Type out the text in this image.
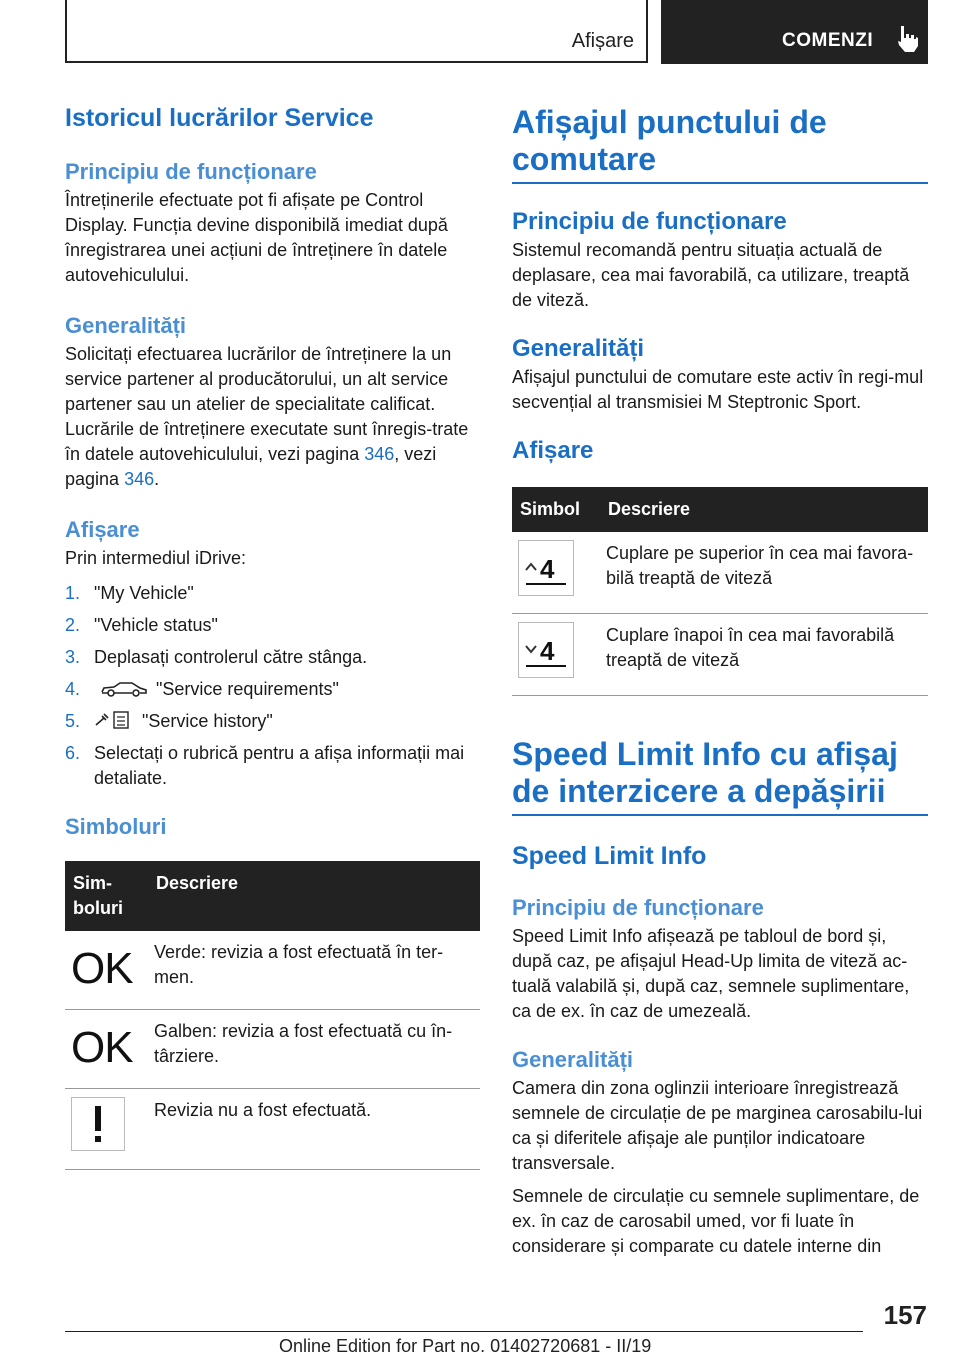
Afișare	COMENZI
Istoricul lucrărilor Service
Principiu de funcționare

Întreținerile efectuate pot fi afișate pe Control Display. Funcția devine disponibilă imediat după înregistrarea unei acțiuni de întreținere în datele autovehiculului.

Generalități

Solicitați efectuarea lucrărilor de întreținere la un service partener al producătorului, un alt service partener sau un atelier de specialitate calificat. Lucrările de întreținere executate sunt înregis‐trate în datele autovehiculului, vezi pagina 346, vezi pagina 346.

Afișare

Prin intermediul iDrive:

1. "My Vehicle"
2. "Vehicle status"
3. Deplasați controlerul către stânga.
4.	"Service requirements"
5.	"Service history"
6. Selectați o rubrică pentru a afișa informații mai detaliate.
Simboluri
Sim‐
boluri	Descriere
OK	Verde: revizia a fost efectuată în ter‐men.
OK	Galben: revizia a fost efectuată cu în‐târziere.

	Revizia nu a fost efectuată.
Afișajul punctului de comutare
Principiu de funcționare

Sistemul recomandă pentru situația actuală de deplasare, cea mai favorabilă, ca utilizare, treaptă de viteză.

Generalități

Afișajul punctului de comutare este activ în regi‐mul secvențial al transmisiei M Steptronic Sport.

Afișare
Simbol	Descriere

4	Cuplare pe superior în cea mai favora‐bilă treaptă de viteză

4	Cuplare înapoi în cea mai favorabilă treaptă de viteză
Speed Limit Info cu afișaj de interzicere a depășirii
Speed Limit Info
Principiu de funcționare

Speed Limit Info afișează pe tabloul de bord și, după caz, pe afișajul Head-Up limita de viteză ac‐tuală valabilă și, după caz, semnele suplimentare, ca de ex. în caz de umezeală.

Generalități

Camera din zona oglinzii interioare înregistrează semnele de circulație de pe marginea carosabilu‐lui ca și diferitele afișaje ale punților indicatoare transversale.

Semnele de circulație cu semnele suplimentare, de ex. în caz de carosabil umed, vor fi luate în considerare și comparate cu datele interne din

157
Online Edition for Part no. 01402720681 - II/19
